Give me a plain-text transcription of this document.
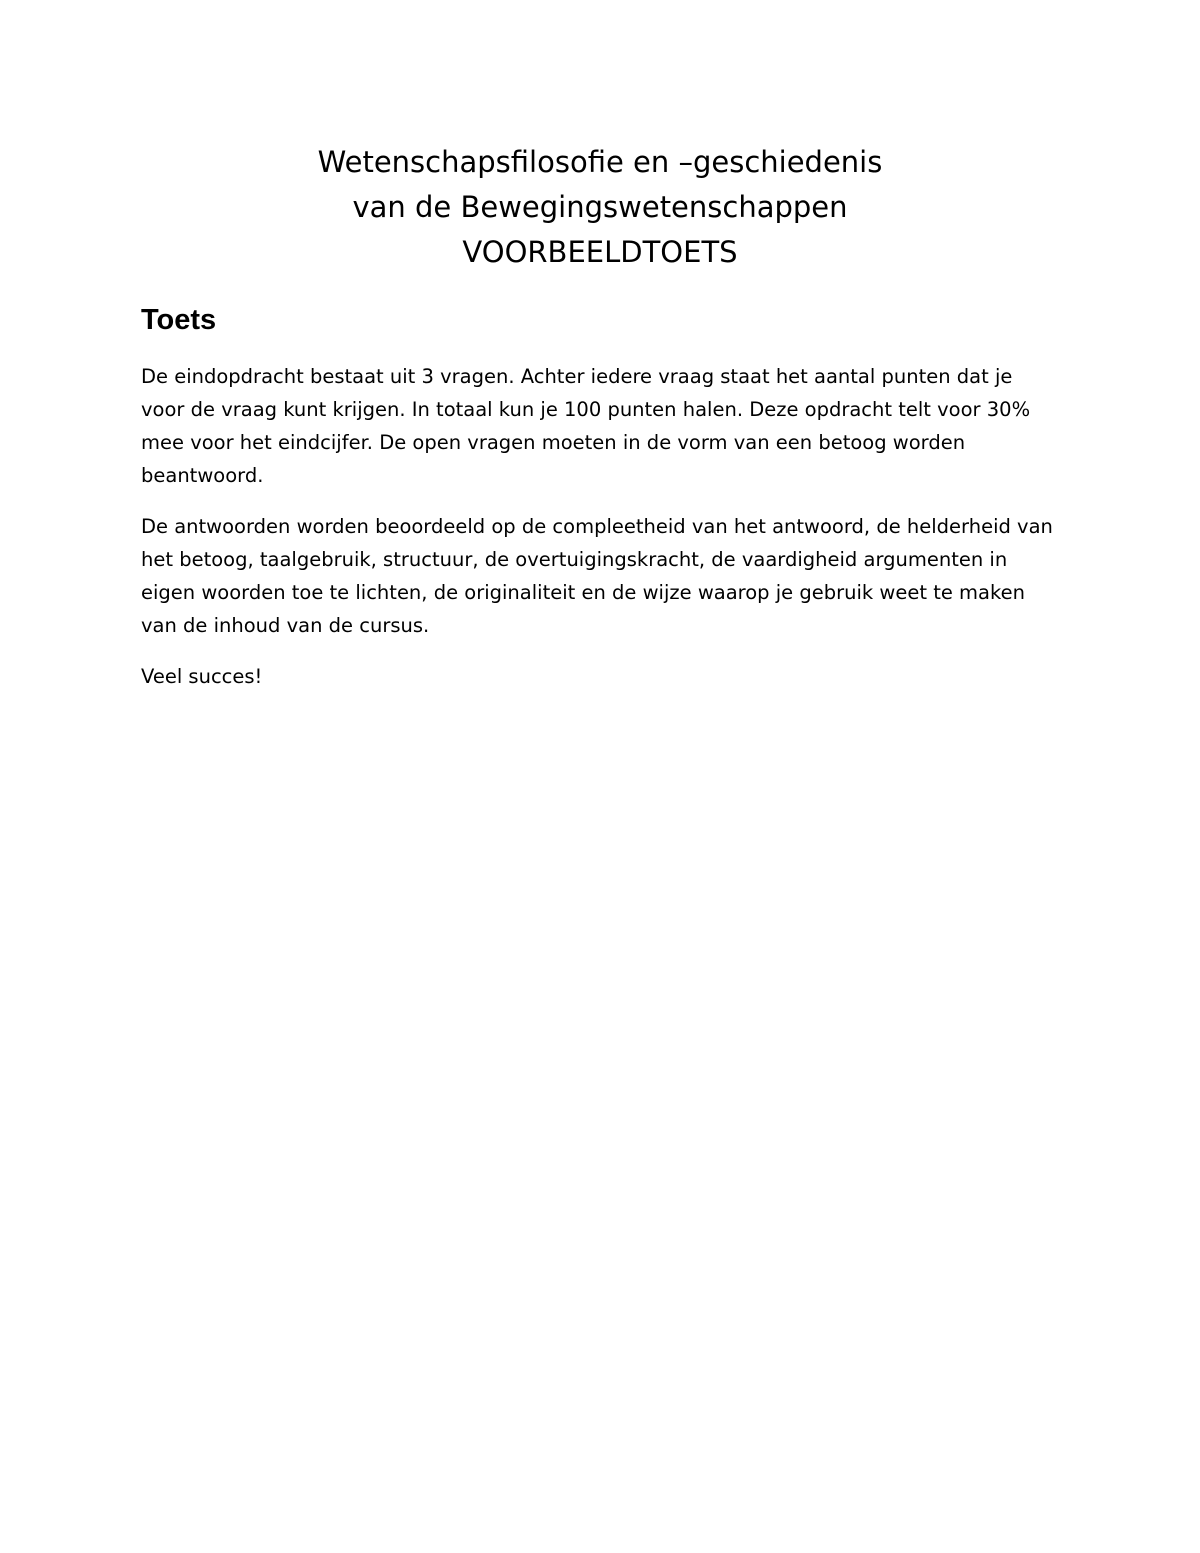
Wetenschapsfilosofie en –geschiedenis
van de Bewegingswetenschappen
VOORBEELDTOETS
Toets

De eindopdracht bestaat uit 3 vragen. Achter iedere vraag staat het aantal punten dat je voor de vraag kunt krijgen. In totaal kun je 100 punten halen. Deze opdracht telt voor 30% mee voor het eindcijfer. De open vragen moeten in de vorm van een betoog worden beantwoord.

De antwoorden worden beoordeeld op de compleetheid van het antwoord, de helderheid van het betoog, taalgebruik, structuur, de overtuigingskracht, de vaardigheid argumenten in eigen woorden toe te lichten, de originaliteit en de wijze waarop je gebruik weet te maken van de inhoud van de cursus.

Veel succes!
